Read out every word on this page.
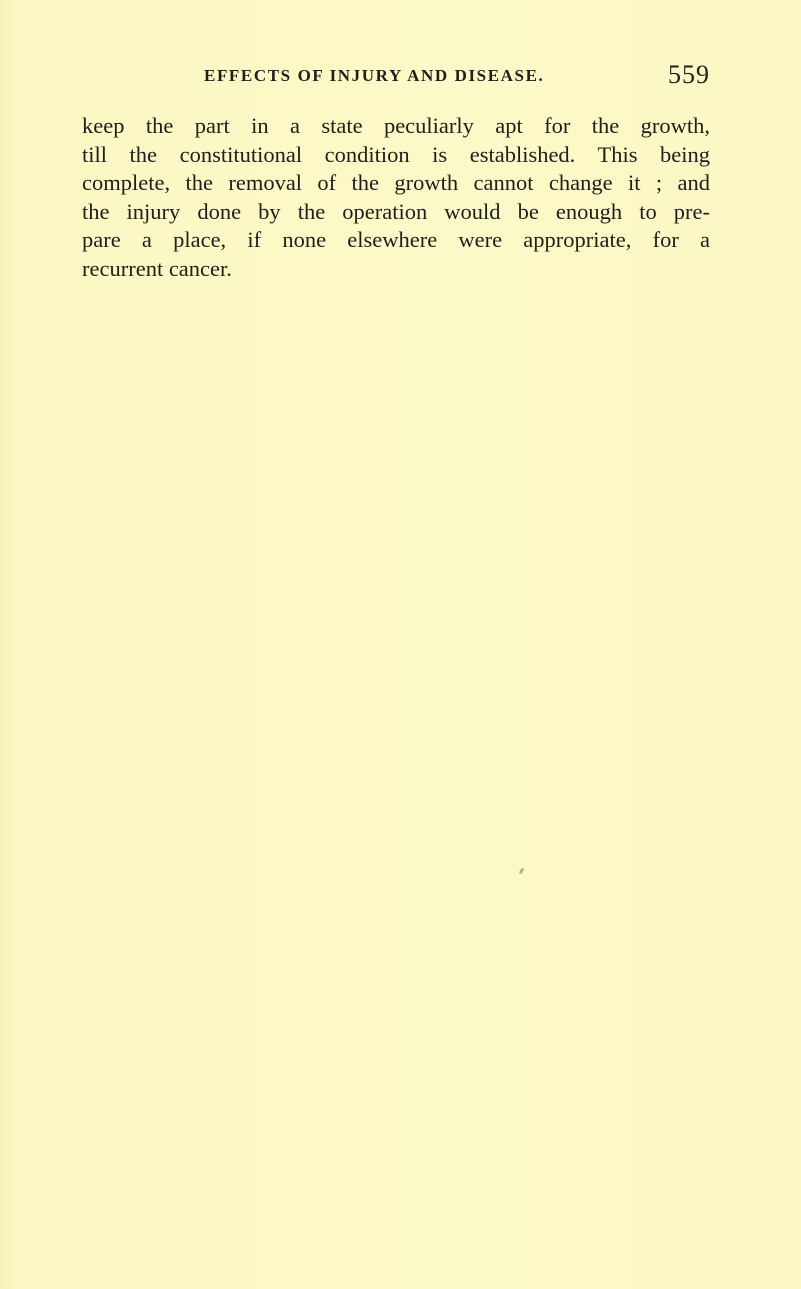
EFFECTS OF INJURY AND DISEASE.	559
keep the part in a state peculiarly apt for the growth,
till the constitutional condition is established. This being
complete, the removal of the growth cannot change it ; and
the injury done by the operation would be enough to pre-
pare a place, if none elsewhere were appropriate, for a
recurrent cancer.
